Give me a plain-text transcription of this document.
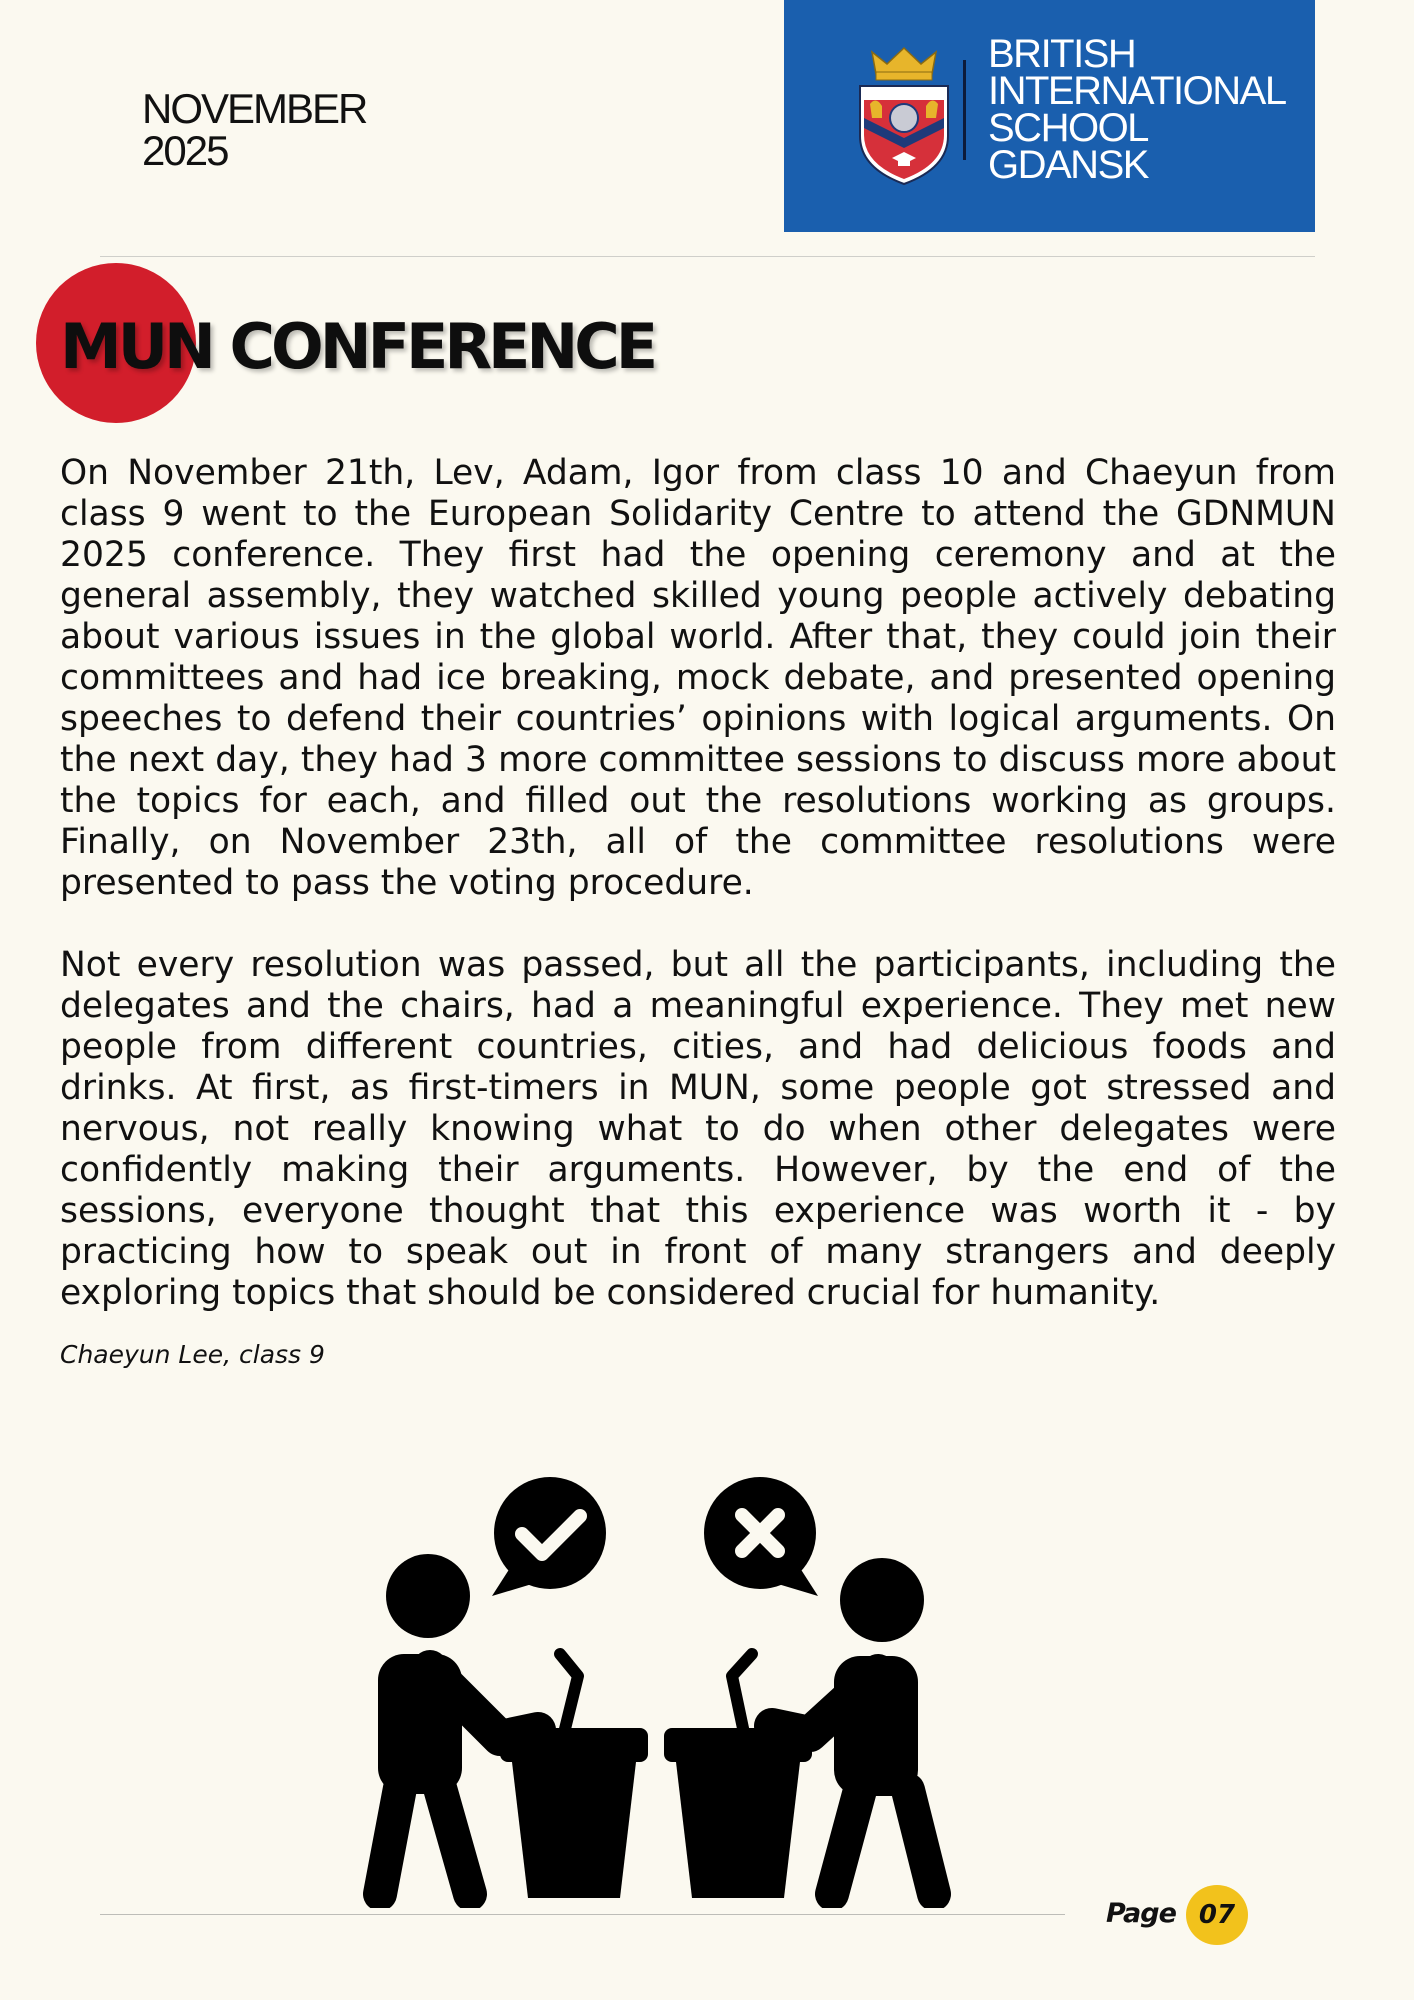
NOVEMBER
2025
BRITISH
INTERNATIONAL
SCHOOL
GDANSK
MUN CONFERENCE

On November 21th, Lev, Adam, Igor from class 10 and Chaeyun from class 9 went to the European Solidarity Centre to attend the GDNMUN 2025 conference. They first had the opening ceremony and at the general assembly, they watched skilled young people actively debating about various issues in the global world. After that, they could join their committees and had ice breaking, mock debate, and presented opening speeches to defend their countries’ opinions with logical arguments. On the next day, they had 3 more committee sessions to discuss more about the topics for each, and filled out the resolutions working as groups. Finally, on November 23th, all of the committee resolutions were presented to pass the voting procedure.

Not every resolution was passed, but all the participants, including the delegates and the chairs, had a meaningful experience. They met new people from different countries, cities, and had delicious foods and drinks. At first, as first-timers in MUN, some people got stressed and nervous, not really knowing what to do when other delegates were confidently making their arguments. However, by the end of the sessions, everyone thought that this experience was worth it - by practicing how to speak out in front of many strangers and deeply exploring topics that should be considered crucial for humanity.

Chaeyun Lee, class 9
Page 07
